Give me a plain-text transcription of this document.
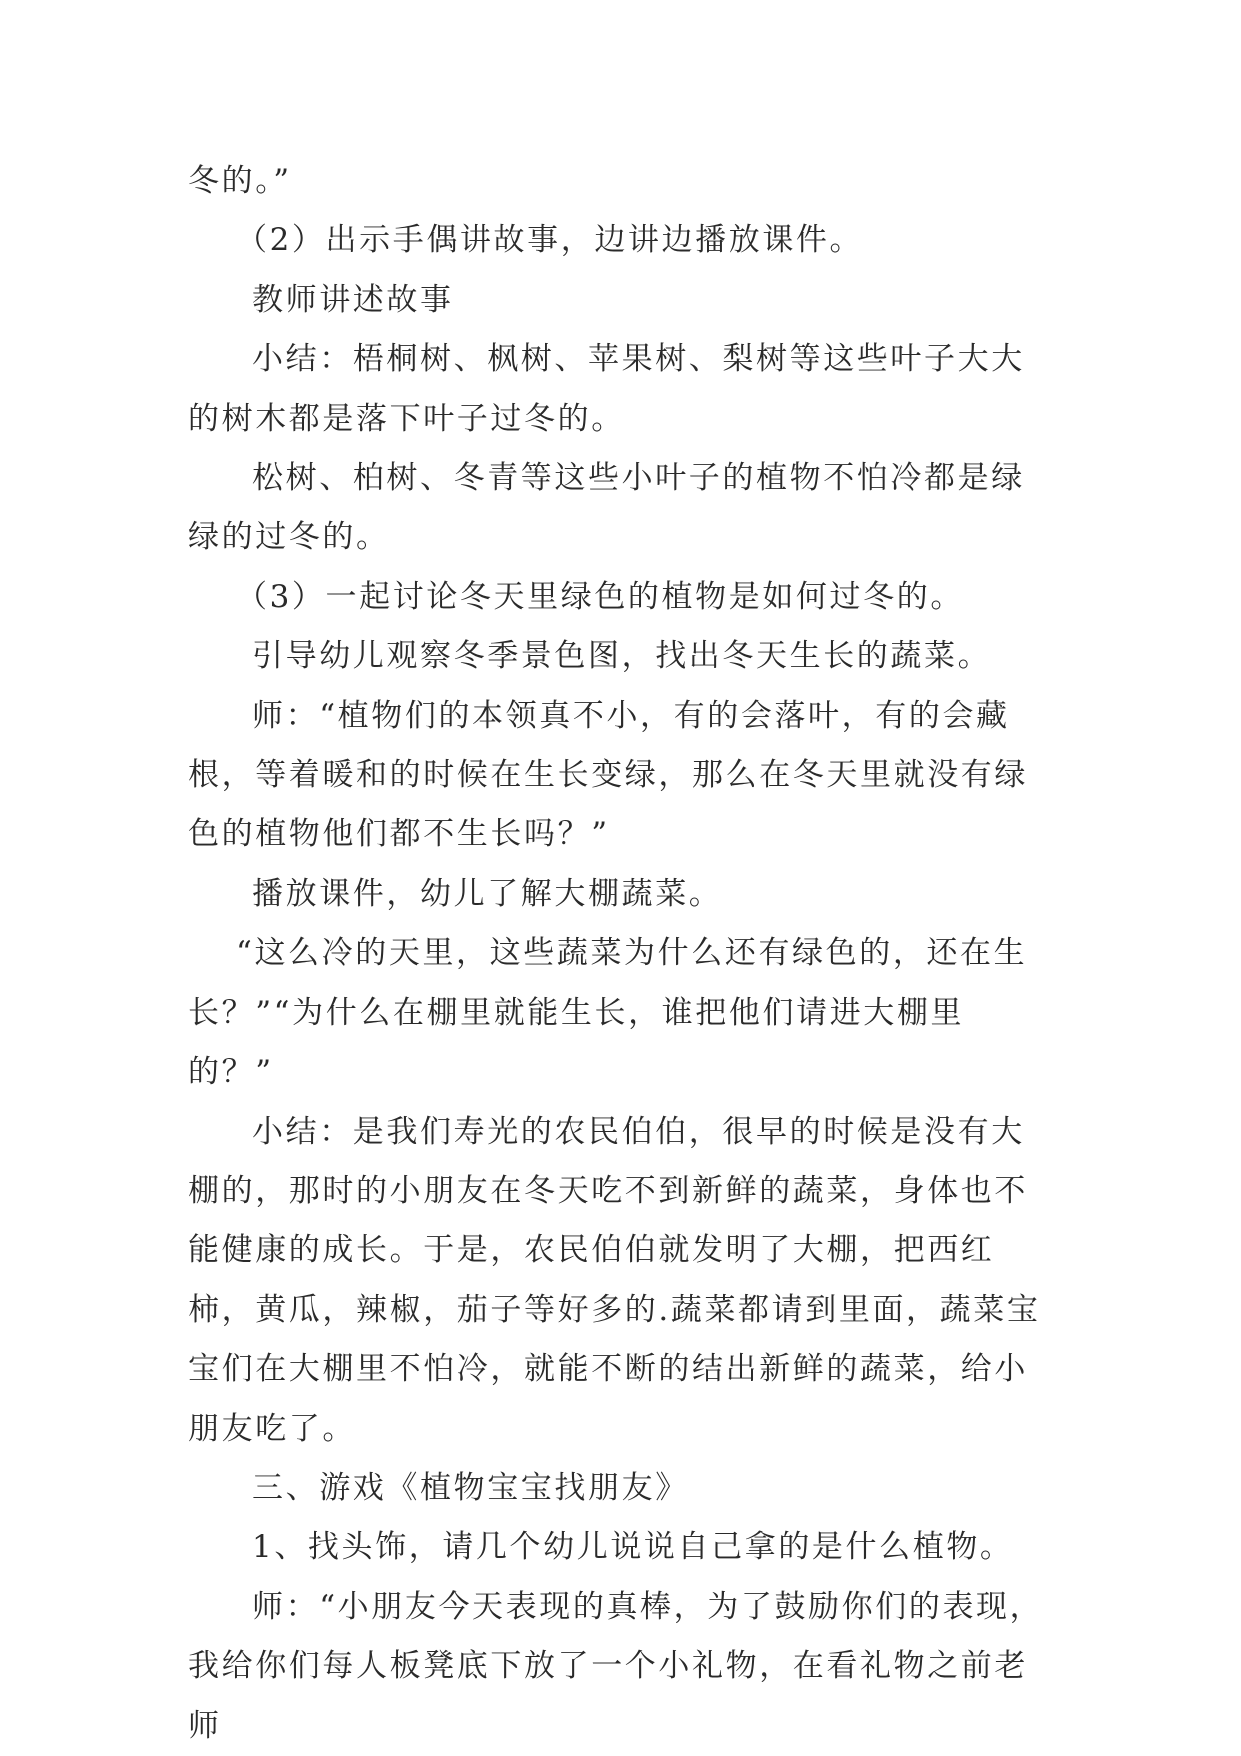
冬的。”

（2）出示手偶讲故事，边讲边播放课件。

教师讲述故事

小结：梧桐树、枫树、苹果树、梨树等这些叶子大大的树木都是落下叶子过冬的。

松树、柏树、冬青等这些小叶子的植物不怕冷都是绿绿的过冬的。

（3）一起讨论冬天里绿色的植物是如何过冬的。

引导幼儿观察冬季景色图，找出冬天生长的蔬菜。

师：“植物们的本领真不小，有的会落叶，有的会藏根，等着暖和的时候在生长变绿，那么在冬天里就没有绿色的植物他们都不生长吗？”

播放课件，幼儿了解大棚蔬菜。

“这么冷的天里，这些蔬菜为什么还有绿色的，还在生长？”“为什么在棚里就能生长，谁把他们请进大棚里的？”

小结：是我们寿光的农民伯伯，很早的时候是没有大棚的，那时的小朋友在冬天吃不到新鲜的蔬菜，身体也不能健康的成长。于是，农民伯伯就发明了大棚，把西红柿，黄瓜，辣椒，茄子等好多的.蔬菜都请到里面，蔬菜宝宝们在大棚里不怕冷，就能不断的结出新鲜的蔬菜，给小朋友吃了。

三、游戏《植物宝宝找朋友》

1、找头饰，请几个幼儿说说自己拿的是什么植物。

师：“小朋友今天表现的真棒，为了鼓励你们的表现，我给你们每人板凳底下放了一个小礼物，在看礼物之前老师
